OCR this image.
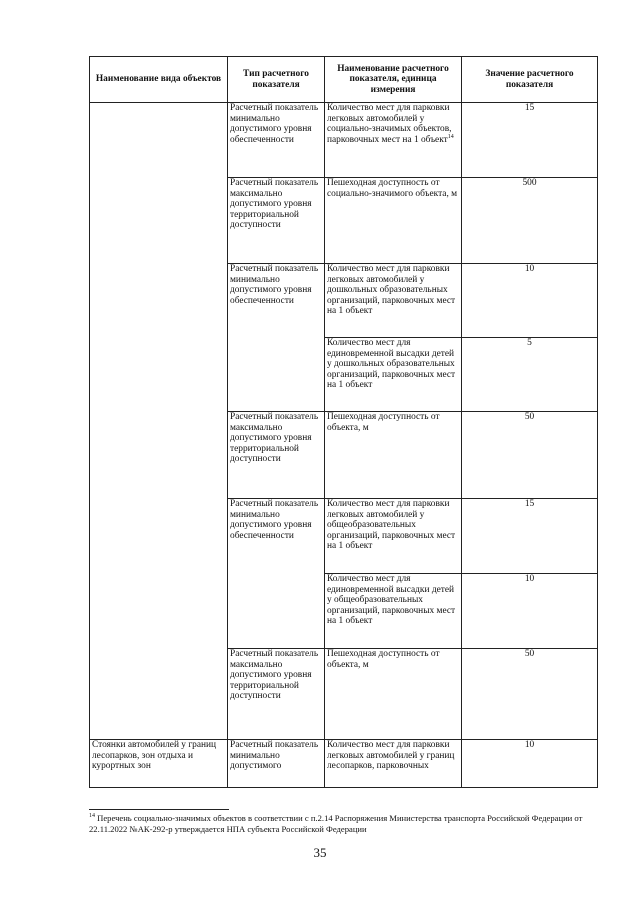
Наименование вида объектов	Тип расчетного показателя	Наименование расчетного показателя, единица измерения	Значение расчетного показателя
	Расчетный показатель минимально допустимого уровня обеспеченности	Количество мест для парковки легковых автомобилей у социально-значимых объектов, парковочных мест на 1 объект$^{14}$	15
	Расчетный показатель максимально допустимого уровня территориальной доступности	Пешеходная доступность от социально-значимого объекта, м	500
	Расчетный показатель минимально допустимого уровня обеспеченности	Количество мест для парковки легковых автомобилей у дошкольных образовательных организаций, парковочных мест на 1 объект	10
		Количество мест для единовременной высадки детей у дошкольных образовательных организаций, парковочных мест на 1 объект	5
	Расчетный показатель максимально допустимого уровня территориальной доступности	Пешеходная доступность от объекта, м	50
	Расчетный показатель минимально допустимого уровня обеспеченности	Количество мест для парковки легковых автомобилей у общеобразовательных организаций, парковочных мест на 1 объект	15
		Количество мест для единовременной высадки детей у общеобразовательных организаций, парковочных мест на 1 объект	10
	Расчетный показатель максимально допустимого уровня территориальной доступности	Пешеходная доступность от объекта, м	50
Стоянки автомобилей у границ лесопарков, зон отдыха и курортных зон	Расчетный показатель минимально допустимого	Количество мест для парковки легковых автомобилей у границ лесопарков, парковочных	10
$^{14}$ Перечень социально-значимых объектов в соответствии с п.2.14 Распоряжения Министерства транспорта Российской Федерации от 22.11.2022 №АК-292-р утверждается НПА субъекта Российской Федерации
35
